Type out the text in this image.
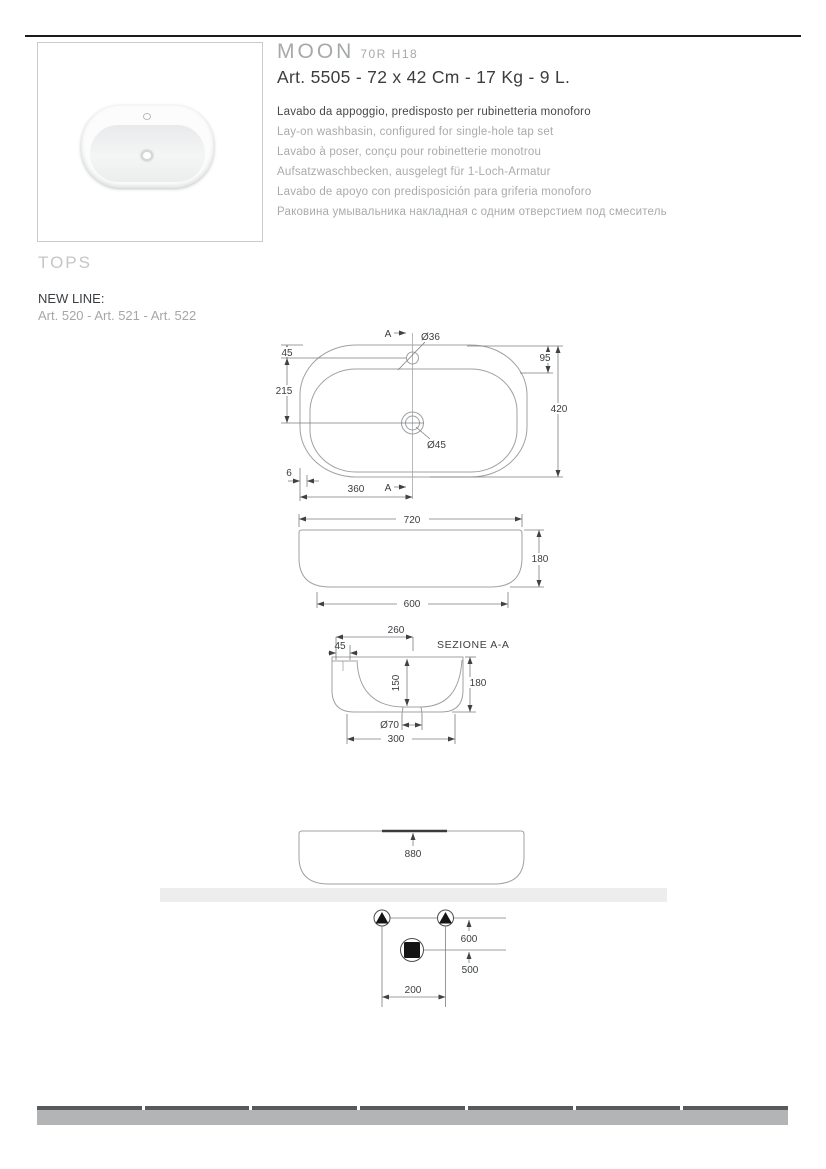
MOON 70R H18
Art. 5505 - 72 x 42 Cm - 17 Kg - 9 L.
Lavabo da appoggio, predisposto per rubinetteria monoforo
Lay-on washbasin, configured for single-hole tap set
Lavabo à poser, conçu pour robinetterie monotrou
Aufsatzwaschbecken, ausgelegt für 1-Loch-Armatur
Lavabo de apoyo con predisposición para griferia monoforo
Раковина умывальника накладная с одним отверстием под смеситель
TOPS
NEW LINE:
Art. 520 - Art. 521 - Art. 522
A	Ø36
45
215
95
420
Ø45
6
360 A
720
180
600
SEZIONE A-A
260
45
150	180
Ø70
300
880
600
500
200
